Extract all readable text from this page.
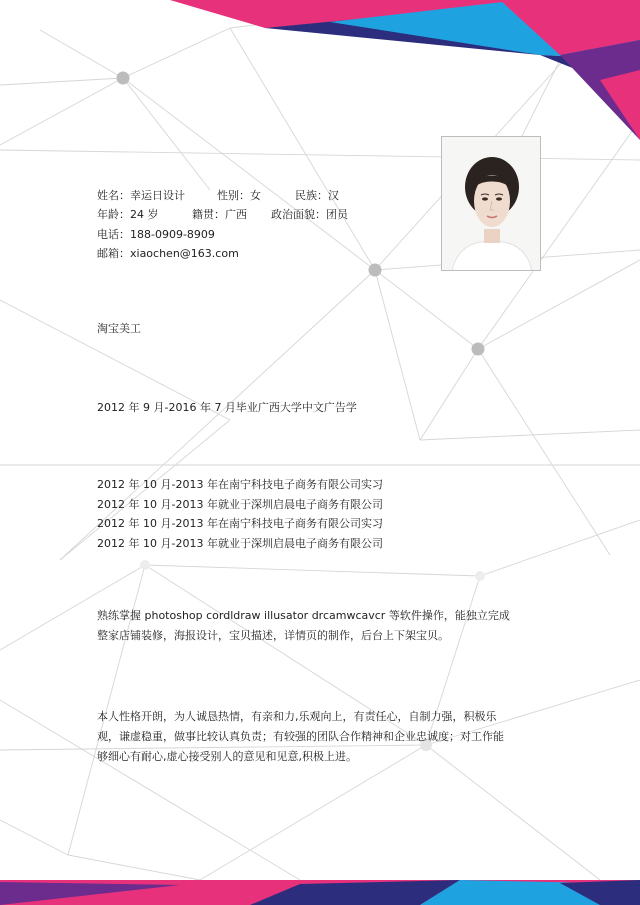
姓名：幸运日设计	性别：女	民族：汉
年龄：24 岁	籍贯：广西 政治面貌：团员
电话：188-0909-8909
邮箱：xiaochen@163.com
淘宝美工
2012 年 9 月-2016 年 7 月毕业广西大学中文广告学
2012 年 10 月-2013 年在南宁科技电子商务有限公司实习
2012 年 10 月-2013 年就业于深圳启晨电子商务有限公司
2012 年 10 月-2013 年在南宁科技电子商务有限公司实习
2012 年 10 月-2013 年就业于深圳启晨电子商务有限公司
熟练掌握 photoshop cordldraw illusator drcamwcavcr 等软件操作，能独立完成整家店铺装修，海报设计，宝贝描述，详情页的制作，后台上下架宝贝。
本人性格开朗，为人诚恳热情，有亲和力,乐观向上，有责任心，自制力强，积极乐观，谦虚稳重，做事比较认真负责；有较强的团队合作精神和企业忠诚度；对工作能够细心有耐心,虚心接受别人的意见和见意,积极上进。
